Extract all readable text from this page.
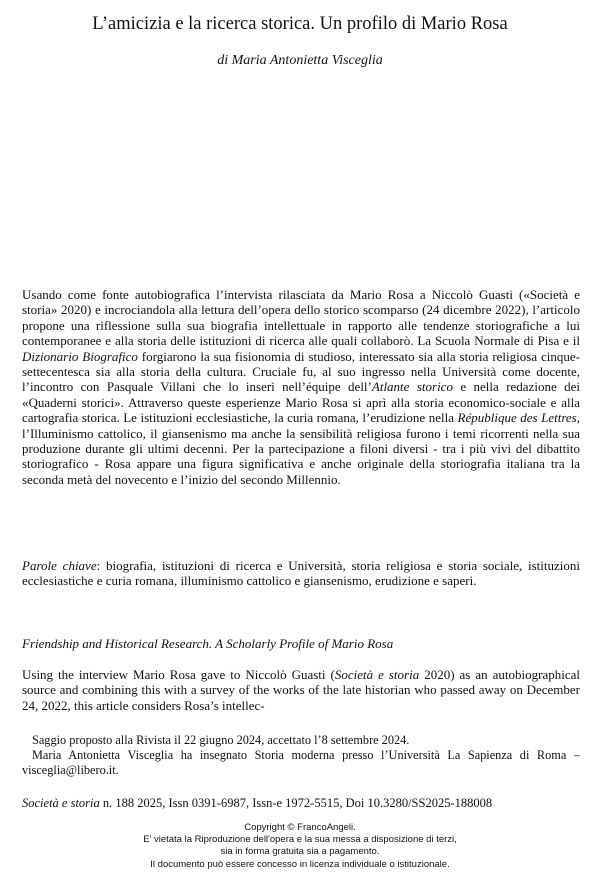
L’amicizia e la ricerca storica. Un profilo di Mario Rosa
di Maria Antonietta Visceglia

Usando come fonte autobiografica l’intervista rilasciata da Mario Rosa a Niccolò Guasti («Società e storia» 2020) e incrociandola alla lettura dell’opera dello storico scomparso (24 dicembre 2022), l’articolo propone una riflessione sulla sua biografia intellettuale in rapporto alle tendenze storiografiche a lui contemporanee e alla storia delle istituzioni di ricerca alle quali collaborò. La Scuola Normale di Pisa e il Dizionario Biografico forgiarono la sua fisionomia di studioso, interessato sia alla storia religiosa cinque-settecentesca sia alla storia della cultura. Cruciale fu, al suo ingresso nella Università come docente, l’incontro con Pasquale Villani che lo inserì nell’équipe dell’Atlante storico e nella redazione dei «Quaderni storici». Attraverso queste esperienze Mario Rosa si aprì alla storia economico-sociale e alla cartografia storica. Le istituzioni ecclesiastiche, la curia romana, l’erudizione nella République des Lettres, l’Illuminismo cattolico, il giansenismo ma anche la sensibilità religiosa furono i temi ricorrenti nella sua produzione durante gli ultimi decenni. Per la partecipazione a filoni diversi - tra i più vivi del dibattito storiografico - Rosa appare una figura significativa e anche originale della storiografia italiana tra la seconda metà del novecento e l’inizio del secondo Millennio.

Parole chiave: biografia, istituzioni di ricerca e Università, storia religiosa e storia sociale, istituzioni ecclesiastiche e curia romana, illuminismo cattolico e giansenismo, erudizione e saperi.

Friendship and Historical Research. A Scholarly Profile of Mario Rosa

Using the interview Mario Rosa gave to Niccolò Guasti (Società e storia 2020) as an autobiographical source and combining this with a survey of the works of the late historian who passed away on December 24, 2022, this article considers Rosa’s intellec-

Saggio proposto alla Rivista il 22 giugno 2024, accettato l’8 settembre 2024.

Maria Antonietta Visceglia ha insegnato Storia moderna presso l’Università La Sapienza di Roma – visceglia@libero.it.

Società e storia n. 188 2025, Issn 0391-6987, Issn-e 1972-5515, Doi 10.3280/SS2025-188008
Copyright © FrancoAngeli.
E' vietata la Riproduzione dell'opera e la sua messa a disposizione di terzi,
sia in forma gratuita sia a pagamento.
Il documento può essere concesso in licenza individuale o istituzionale.
